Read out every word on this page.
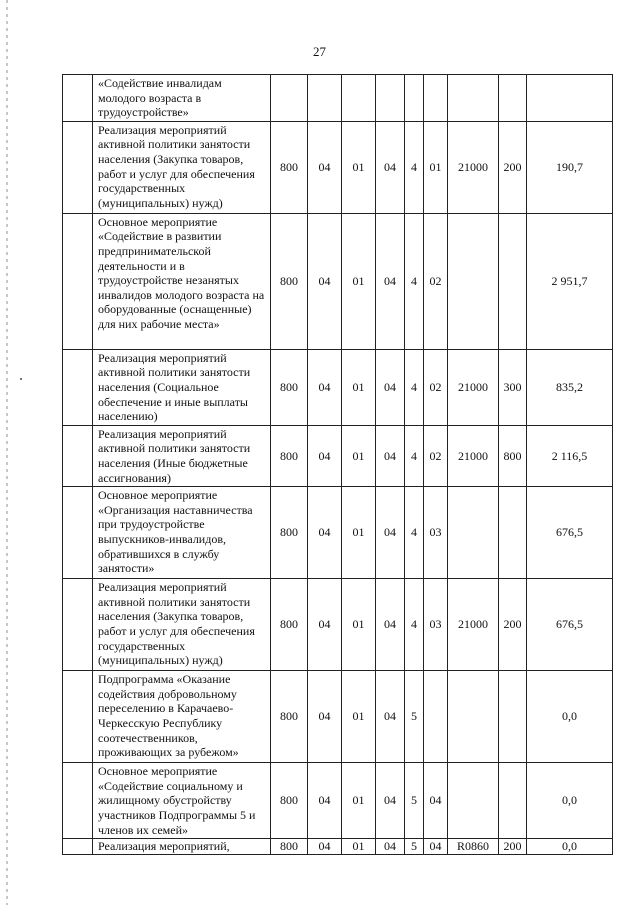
27
	«Содействие инвалидам молодого возраста в трудоустройстве»									
	Реализация мероприятий активной политики занятости населения (Закупка товаров, работ и услуг для обеспечения государственных (муниципальных) нужд)	800	04	01	04	4	01	21000	200	190,7
	Основное мероприятие «Содействие в развитии предпринимательской деятельности и в трудоустройстве незанятых инвалидов молодого возраста на оборудованные (оснащенные) для них рабочие места»	800	04	01	04	4	02			2 951,7
	Реализация мероприятий активной политики занятости населения (Социальное обеспечение и иные выплаты населению)	800	04	01	04	4	02	21000	300	835,2
	Реализация мероприятий активной политики занятости населения (Иные бюджетные ассигнования)	800	04	01	04	4	02	21000	800	2 116,5
	Основное мероприятие «Организация наставничества при трудоустройстве выпускников-инвалидов, обратившихся в службу занятости»	800	04	01	04	4	03			676,5
	Реализация мероприятий активной политики занятости населения (Закупка товаров, работ и услуг для обеспечения государственных (муниципальных) нужд)	800	04	01	04	4	03	21000	200	676,5
	Подпрограмма «Оказание содействия добровольному переселению в Карачаево-Черкесскую Республику соотечественников, проживающих за рубежом»	800	04	01	04	5				0,0
	Основное мероприятие «Содействие социальному и жилищному обустройству участников Подпрограммы 5 и членов их семей»	800	04	01	04	5	04			0,0
	Реализация мероприятий,	800	04	01	04	5	04	R0860	200	0,0
